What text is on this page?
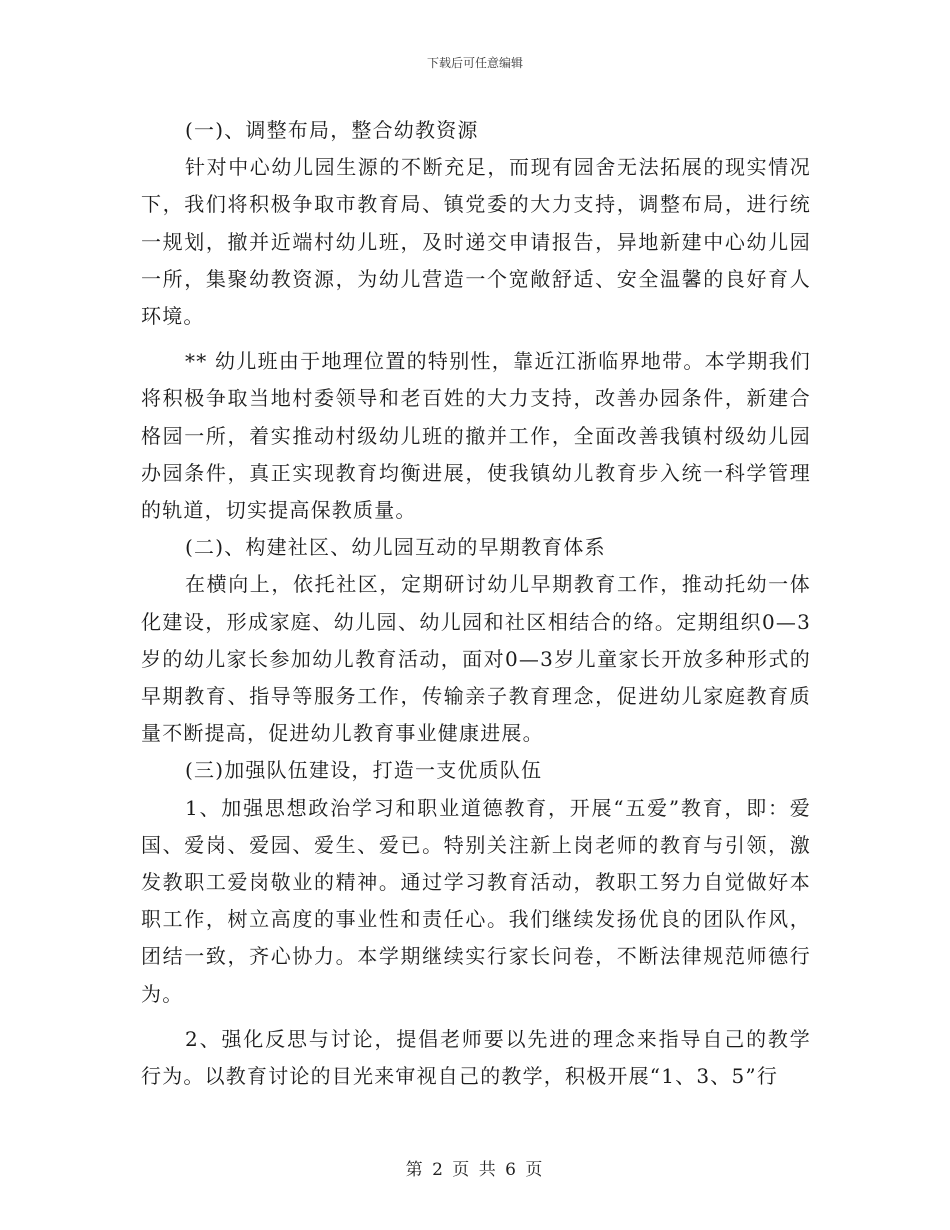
下载后可任意编辑

(一)、调整布局，整合幼教资源

针对中心幼儿园生源的不断充足，而现有园舍无法拓展的现实情况下，我们将积极争取市教育局、镇党委的大力支持，调整布局，进行统一规划，撤并近端村幼儿班，及时递交申请报告，异地新建中心幼儿园一所，集聚幼教资源，为幼儿营造一个宽敞舒适、安全温馨的良好育人环境。

** 幼儿班由于地理位置的特别性，靠近江浙临界地带。本学期我们将积极争取当地村委领导和老百姓的大力支持，改善办园条件，新建合格园一所，着实推动村级幼儿班的撤并工作，全面改善我镇村级幼儿园办园条件，真正实现教育均衡进展，使我镇幼儿教育步入统一科学管理的轨道，切实提高保教质量。

(二)、构建社区、幼儿园互动的早期教育体系

在横向上，依托社区，定期研讨幼儿早期教育工作，推动托幼一体化建设，形成家庭、幼儿园、幼儿园和社区相结合的络。定期组织0—3岁的幼儿家长参加幼儿教育活动，面对0—3岁儿童家长开放多种形式的早期教育、指导等服务工作，传输亲子教育理念，促进幼儿家庭教育质量不断提高，促进幼儿教育事业健康进展。

(三)加强队伍建设，打造一支优质队伍

1、加强思想政治学习和职业道德教育，开展“五爱”教育，即：爱国、爱岗、爱园、爱生、爱已。特别关注新上岗老师的教育与引领，激发教职工爱岗敬业的精神。通过学习教育活动，教职工努力自觉做好本职工作，树立高度的事业性和责任心。我们继续发扬优良的团队作风，团结一致，齐心协力。本学期继续实行家长问卷，不断法律规范师德行为。

2、强化反思与讨论，提倡老师要以先进的理念来指导自己的教学行为。以教育讨论的目光来审视自己的教学，积极开展“1、3、5”行

第 2 页 共 6 页
